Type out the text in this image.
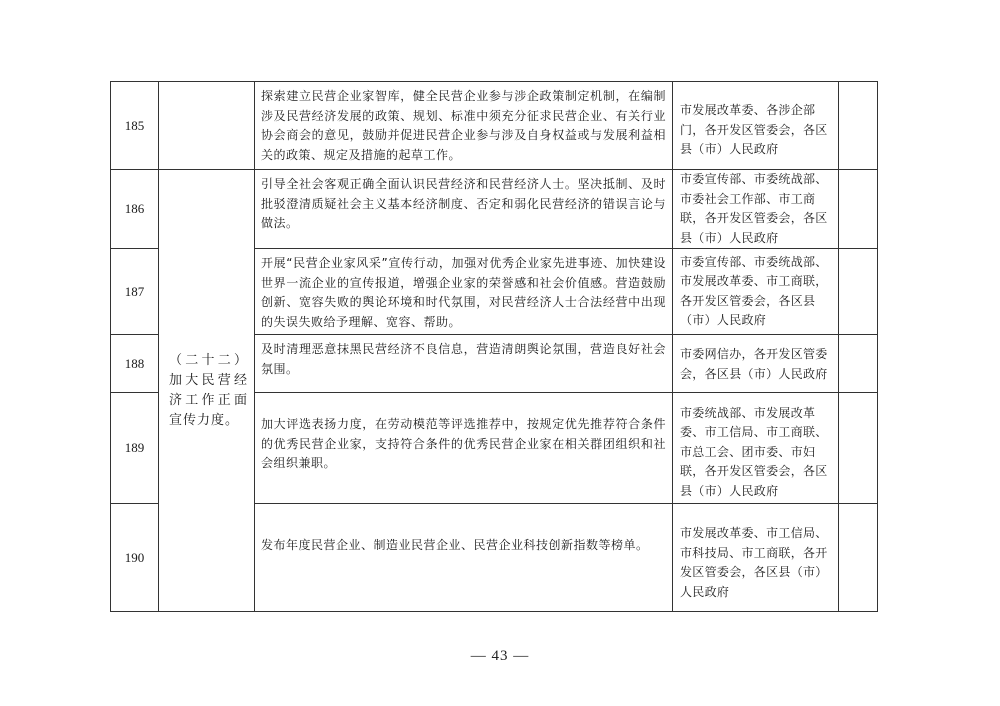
185		探索建立民营企业家智库，健全民营企业参与涉企政策制定机制，在编制涉及民营经济发展的政策、规划、标准中须充分征求民营企业、有关行业协会商会的意见，鼓励并促进民营企业参与涉及自身权益或与发展利益相关的政策、规定及措施的起草工作。	市发展改革委、各涉企部门，各开发区管委会，各区县（市）人民政府	
186	（二十二）加大民营经济工作正面宣传力度。	引导全社会客观正确全面认识民营经济和民营经济人士。坚决抵制、及时批驳澄清质疑社会主义基本经济制度、否定和弱化民营经济的错误言论与做法。	市委宣传部、市委统战部、市委社会工作部、市工商联，各开发区管委会，各区县（市）人民政府	
187		开展“民营企业家风采”宣传行动，加强对优秀企业家先进事迹、加快建设世界一流企业的宣传报道，增强企业家的荣誉感和社会价值感。营造鼓励创新、宽容失败的舆论环境和时代氛围，对民营经济人士合法经营中出现的失误失败给予理解、宽容、帮助。	市委宣传部、市委统战部、市发展改革委、市工商联，各开发区管委会，各区县（市）人民政府	
188		及时清理恶意抹黑民营经济不良信息，营造清朗舆论氛围，营造良好社会氛围。	市委网信办，各开发区管委会，各区县（市）人民政府	
189		加大评选表扬力度，在劳动模范等评选推荐中，按规定优先推荐符合条件的优秀民营企业家，支持符合条件的优秀民营企业家在相关群团组织和社会组织兼职。	市委统战部、市发展改革委、市工信局、市工商联、市总工会、团市委、市妇联，各开发区管委会，各区县（市）人民政府	
190		发布年度民营企业、制造业民营企业、民营企业科技创新指数等榜单。	市发展改革委、市工信局、市科技局、市工商联，各开发区管委会，各区县（市）人民政府	
— 43 —
